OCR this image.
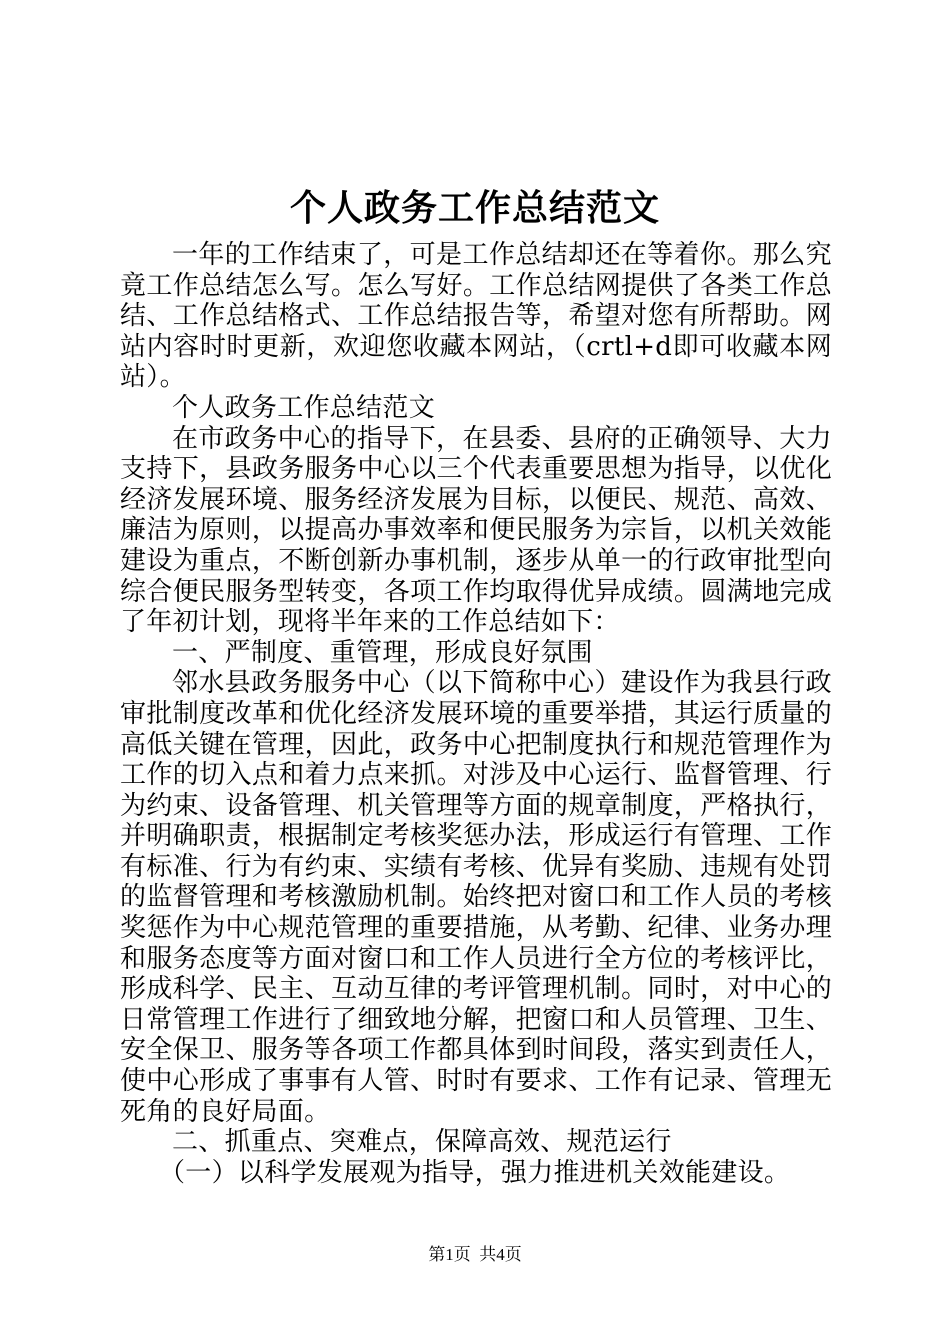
个人政务工作总结范文

一年的工作结束了，可是工作总结却还在等着你。那么究竟工作总结怎么写。怎么写好。工作总结网提供了各类工作总结、工作总结格式、工作总结报告等，希望对您有所帮助。网站内容时时更新，欢迎您收藏本网站，（crtl+d即可收藏本网站）。

个人政务工作总结范文

在市政务中心的指导下，在县委、县府的正确领导、大力支持下，县政务服务中心以三个代表重要思想为指导，以优化经济发展环境、服务经济发展为目标，以便民、规范、高效、廉洁为原则，以提高办事效率和便民服务为宗旨，以机关效能建设为重点，不断创新办事机制，逐步从单一的行政审批型向综合便民服务型转变，各项工作均取得优异成绩。圆满地完成了年初计划，现将半年来的工作总结如下：

一、严制度、重管理，形成良好氛围

邻水县政务服务中心（以下简称中心）建设作为我县行政审批制度改革和优化经济发展环境的重要举措，其运行质量的高低关键在管理，因此，政务中心把制度执行和规范管理作为工作的切入点和着力点来抓。对涉及中心运行、监督管理、行为约束、设备管理、机关管理等方面的规章制度，严格执行，并明确职责，根据制定考核奖惩办法，形成运行有管理、工作有标准、行为有约束、实绩有考核、优异有奖励、违规有处罚的监督管理和考核激励机制。始终把对窗口和工作人员的考核奖惩作为中心规范管理的重要措施，从考勤、纪律、业务办理和服务态度等方面对窗口和工作人员进行全方位的考核评比，形成科学、民主、互动互律的考评管理机制。同时，对中心的日常管理工作进行了细致地分解，把窗口和人员管理、卫生、安全保卫、服务等各项工作都具体到时间段，落实到责任人，使中心形成了事事有人管、时时有要求、工作有记录、管理无死角的良好局面。

二、抓重点、突难点，保障高效、规范运行

（一）以科学发展观为指导，强力推进机关效能建设。

第1页  共4页
